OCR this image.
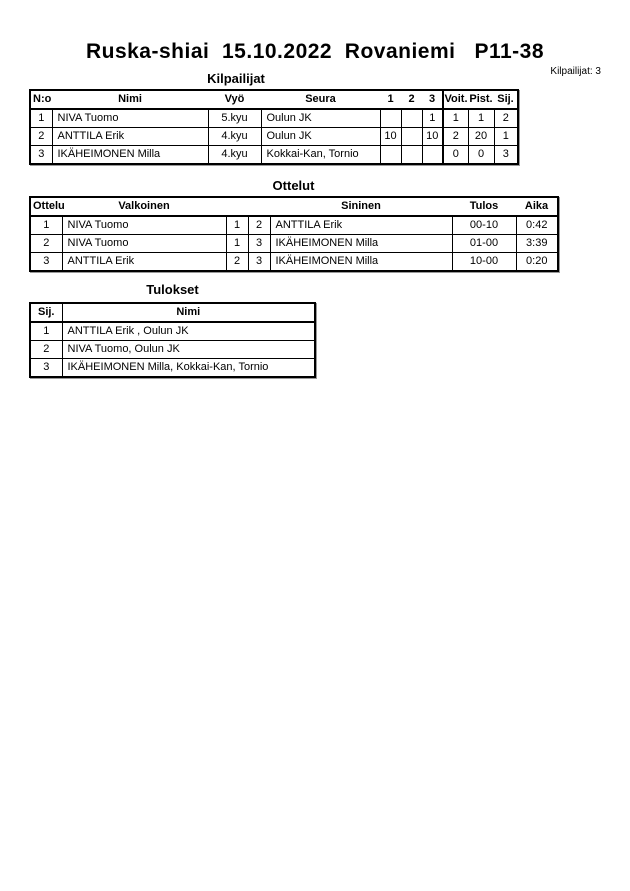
Ruska-shiai  15.10.2022  Rovaniemi   P11-38
Kilpailijat	Kilpailijat: 3
N:o	Nimi	Vyö	Seura	1	2	3	Voit.	Pist.	Sij.
1	NIVA Tuomo	5.kyu	Oulun JK			1	1	1	2
2	ANTTILA Erik	4.kyu	Oulun JK	10		10	2	20	1
3	IKÄHEIMONEN Milla	4.kyu	Kokkai-Kan, Tornio				0	0	3
Ottelut
Ottelu	Valkoinen			Sininen	Tulos	Aika
1	NIVA Tuomo	1	2	ANTTILA Erik	00-10	0:42
2	NIVA Tuomo	1	3	IKÄHEIMONEN Milla	01-00	3:39
3	ANTTILA Erik	2	3	IKÄHEIMONEN Milla	10-00	0:20
Tulokset
Sij.	Nimi
1	ANTTILA Erik , Oulun JK
2	NIVA Tuomo, Oulun JK
3	IKÄHEIMONEN Milla, Kokkai-Kan, Tornio
